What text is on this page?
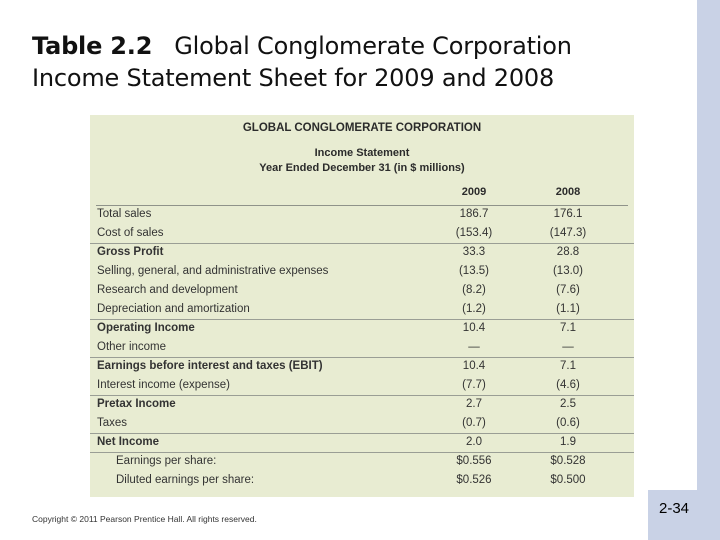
2-34
Table 2.2 Global Conglomerate Corporation
Income Statement Sheet for 2009 and 2008
GLOBAL CONGLOMERATE CORPORATION
Income Statement
Year Ended December 31 (in $ millions)
2009	2008
Total sales	186.7	176.1
Cost of sales	(153.4)	(147.3)
Gross Profit	33.3	28.8
Selling, general, and administrative expenses	(13.5)	(13.0)
Research and development	(8.2)	(7.6)
Depreciation and amortization	(1.2)	(1.1)
Operating Income	10.4	7.1
Other income	—	—
Earnings before interest and taxes (EBIT)	10.4	7.1
Interest income (expense)	(7.7)	(4.6)
Pretax Income	2.7	2.5
Taxes	(0.7)	(0.6)
Net Income	2.0	1.9
Earnings per share:	$0.556	$0.528
Diluted earnings per share:	$0.526	$0.500
Copyright © 2011 Pearson Prentice Hall. All rights reserved.
